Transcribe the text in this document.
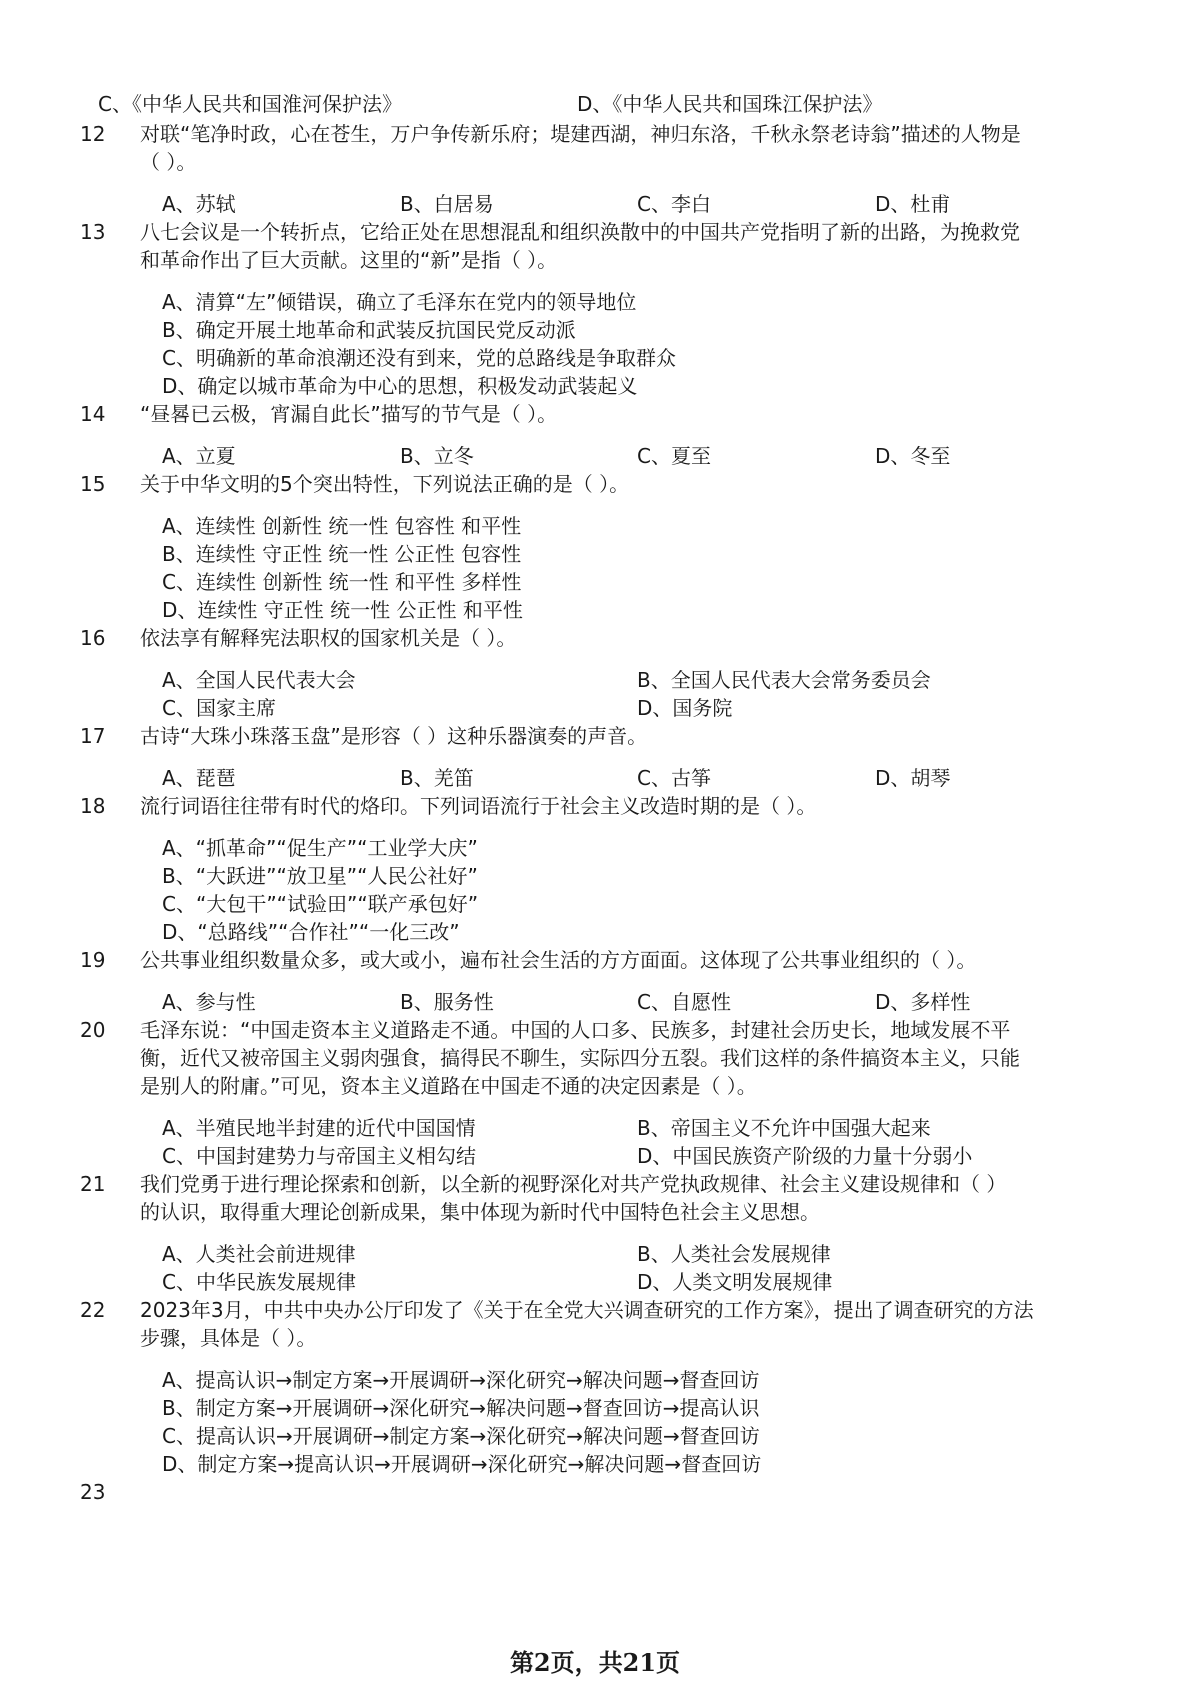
C、《中华人民共和国淮河保护法》	D、《中华人民共和国珠江保护法》
12 对联“笔净时政，心在苍生，万户争传新乐府；堤建西湖，神归东洛，千秋永祭老诗翁”描述的人物是
（ ）。
A、苏轼	B、白居易	C、李白	D、杜甫
13 八七会议是一个转折点，它给正处在思想混乱和组织涣散中的中国共产党指明了新的出路，为挽救党
和革命作出了巨大贡献。这里的“新”是指（ ）。
A、清算“左”倾错误，确立了毛泽东在党内的领导地位
B、确定开展土地革命和武装反抗国民党反动派
C、明确新的革命浪潮还没有到来，党的总路线是争取群众
D、确定以城市革命为中心的思想，积极发动武装起义
14 “昼晷已云极，宵漏自此长”描写的节气是（ ）。
A、立夏	B、立冬	C、夏至	D、冬至
15 关于中华文明的5个突出特性，下列说法正确的是（ ）。
A、连续性 创新性 统一性 包容性 和平性
B、连续性 守正性 统一性 公正性 包容性
C、连续性 创新性 统一性 和平性 多样性
D、连续性 守正性 统一性 公正性 和平性
16 依法享有解释宪法职权的国家机关是（ ）。
A、全国人民代表大会	B、全国人民代表大会常务委员会
C、国家主席	D、国务院
17 古诗“大珠小珠落玉盘”是形容（ ）这种乐器演奏的声音。
A、琵琶	B、羌笛	C、古筝	D、胡琴
18 流行词语往往带有时代的烙印。下列词语流行于社会主义改造时期的是（ ）。
A、“抓革命”“促生产”“工业学大庆”
B、“大跃进”“放卫星”“人民公社好”
C、“大包干”“试验田”“联产承包好”
D、“总路线”“合作社”“一化三改”
19 公共事业组织数量众多，或大或小，遍布社会生活的方方面面。这体现了公共事业组织的（ ）。
A、参与性	B、服务性	C、自愿性	D、多样性
20 毛泽东说：“中国走资本主义道路走不通。中国的人口多、民族多，封建社会历史长，地域发展不平
衡，近代又被帝国主义弱肉强食，搞得民不聊生，实际四分五裂。我们这样的条件搞资本主义，只能
是别人的附庸。”可见，资本主义道路在中国走不通的决定因素是（ ）。
A、半殖民地半封建的近代中国国情	B、帝国主义不允许中国强大起来
C、中国封建势力与帝国主义相勾结	D、中国民族资产阶级的力量十分弱小
21 我们党勇于进行理论探索和创新，以全新的视野深化对共产党执政规律、社会主义建设规律和（ ）
的认识，取得重大理论创新成果，集中体现为新时代中国特色社会主义思想。
A、人类社会前进规律	B、人类社会发展规律
C、中华民族发展规律	D、人类文明发展规律
22 2023年3月，中共中央办公厅印发了《关于在全党大兴调查研究的工作方案》，提出了调查研究的方法
步骤，具体是（ ）。
A、提高认识→制定方案→开展调研→深化研究→解决问题→督查回访
B、制定方案→开展调研→深化研究→解决问题→督查回访→提高认识
C、提高认识→开展调研→制定方案→深化研究→解决问题→督查回访
D、制定方案→提高认识→开展调研→深化研究→解决问题→督查回访
23
第2页，共21页
